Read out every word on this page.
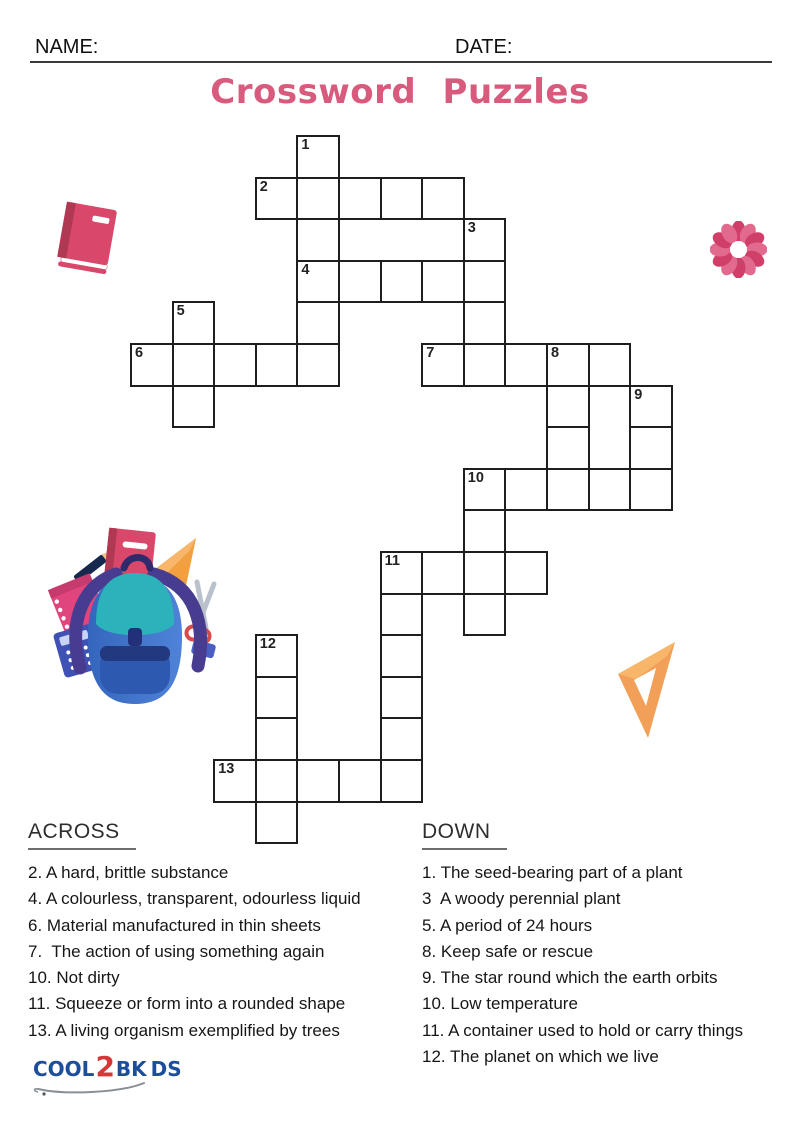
NAME:	DATE:
Crossword Puzzles
1
2
3
4
5
6	7	8
9
10
11
12
13
ACROSS
2. A hard, brittle substance
4. A colourless, transparent, odourless liquid
6. Material manufactured in thin sheets
7.  The action of using something again
10. Not dirty
11. Squeeze or form into a rounded shape
13. A living organism exemplified by trees
DOWN
1. The seed-bearing part of a plant
3  A woody perennial plant
5. A period of 24 hours
8. Keep safe or rescue
9. The star round which the earth orbits
10. Low temperature
11. A container used to hold or carry things
12. The planet on which we live
COOL 2 BK DS
